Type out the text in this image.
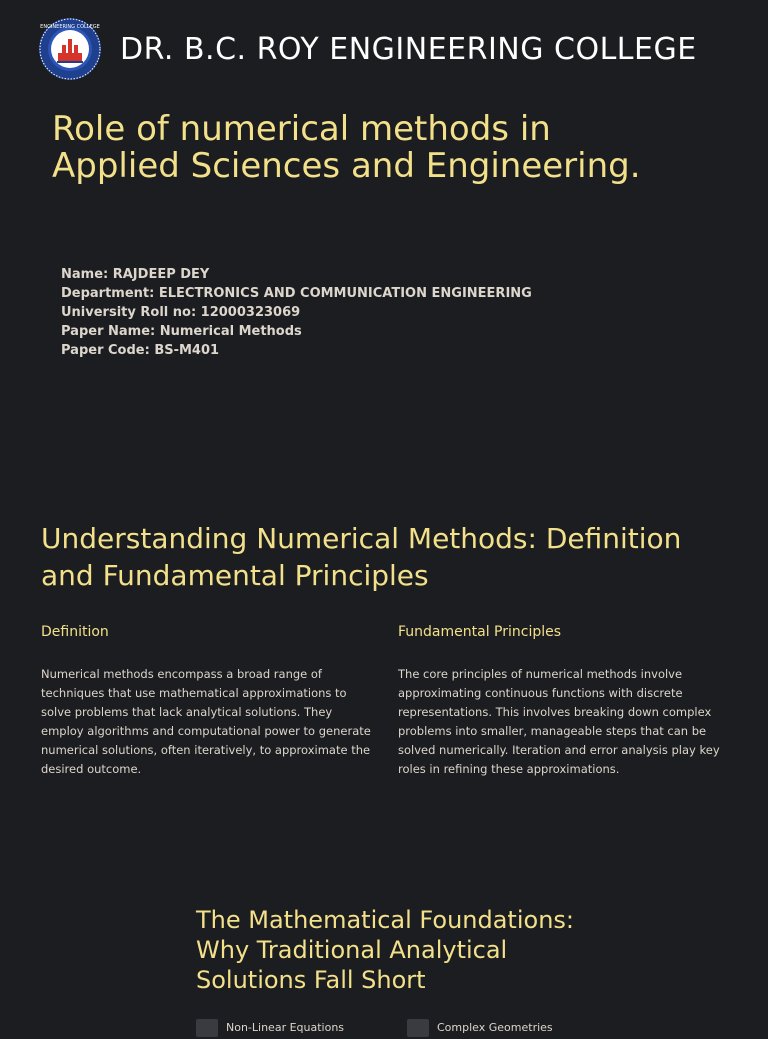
ENGINEERING COLLEGE
DR. B.C. ROY ENGINEERING COLLEGE
Role of numerical methods in Applied Sciences and Engineering.
Name: RAJDEEP DEY
Department: ELECTRONICS AND COMMUNICATION ENGINEERING
University Roll no: 12000323069
Paper Name: Numerical Methods
Paper Code: BS-M401
Understanding Numerical Methods: Definition and Fundamental Principles
Definition

Numerical methods encompass a broad range of techniques that use mathematical approximations to solve problems that lack analytical solutions. They employ algorithms and computational power to generate numerical solutions, often iteratively, to approximate the desired outcome.

Fundamental Principles

The core principles of numerical methods involve approximating continuous functions with discrete representations. This involves breaking down complex problems into smaller, manageable steps that can be solved numerically. Iteration and error analysis play key roles in refining these approximations.

The Mathematical Foundations: Why Traditional Analytical Solutions Fall Short
Non-Linear Equations	Complex Geometries
